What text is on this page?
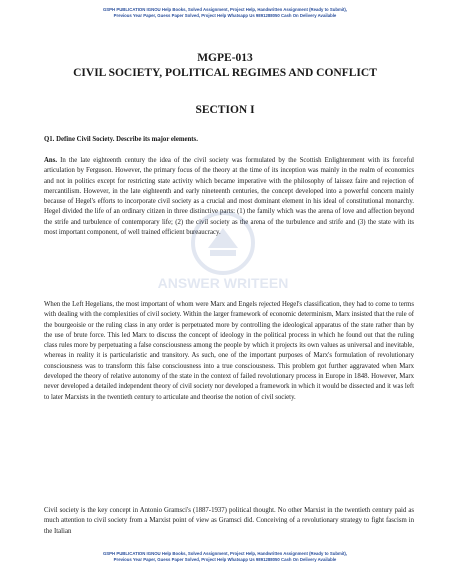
GSPH PUBLICATION IGNOU Help Books, Solved Assignment, Project Help, Handwritten Assignment (Ready to Submit),
Previous Year Paper, Guess Paper Solved, Project Help Whatsapp Us 9891288050 Cash On Delivery Available
MGPE-013
CIVIL SOCIETY, POLITICAL REGIMES AND CONFLICT
SECTION I
Q1. Define Civil Society. Describe its major elements.

Ans. In the late eighteenth century the idea of the civil society was formulated by the Scottish Enlightenment with its forceful articulation by Ferguson. However, the primary focus of the theory at the time of its inception was mainly in the realm of economics and not in politics except for restricting state activity which became imperative with the philosophy of laissez faire and rejection of mercantilism. However, in the late eighteenth and early nineteenth centuries, the concept developed into a powerful concern mainly because of Hegel's efforts to incorporate civil society as a crucial and most dominant element in his ideal of constitutional monarchy. Hegel divided the life of an ordinary citizen in three distinctive parts: (1) the family which was the arena of love and affection beyond the strife and turbulence of contemporary life; (2) the civil society as the arena of the turbulence and strife and (3) the state with its most important component, of well trained efficient bureaucracy.

ANSWER WRITEEN

When the Left Hegelians, the most important of whom were Marx and Engels rejected Hegel's classification, they had to come to terms with dealing with the complexities of civil society. Within the larger framework of economic determinism, Marx insisted that the rule of the bourgeoisie or the ruling class in any order is perpetuated more by controlling the ideological apparatus of the state rather than by the use of brute force. This led Marx to discuss the concept of ideology in the political process in which he found out that the ruling class rules more by perpetuating a false consciousness among the people by which it projects its own values as universal and inevitable, whereas in reality it is particularistic and transitory. As such, one of the important purposes of Marx's formulation of revolutionary consciousness was to transform this false consciousness into a true consciousness. This problem got further aggravated when Marx developed the theory of relative autonomy of the state in the context of failed revolutionary process in Europe in 1848. However, Marx never developed a detailed independent theory of civil society nor developed a framework in which it would be dissected and it was left to later Marxists in the twentieth century to articulate and theorise the notion of civil society.

Civil society is the key concept in Antonio Gramsci's (1887-1937) political thought. No other Marxist in the twentieth century paid as much attention to civil society from a Marxist point of view as Gramsci did. Conceiving of a revolutionary strategy to fight fascism in the Italian

GSPH PUBLICATION IGNOU Help Books, Solved Assignment, Project Help, Handwritten Assignment (Ready to Submit),
Previous Year Paper, Guess Paper Solved, Project Help Whatsapp Us 9891288050 Cash On Delivery Available
